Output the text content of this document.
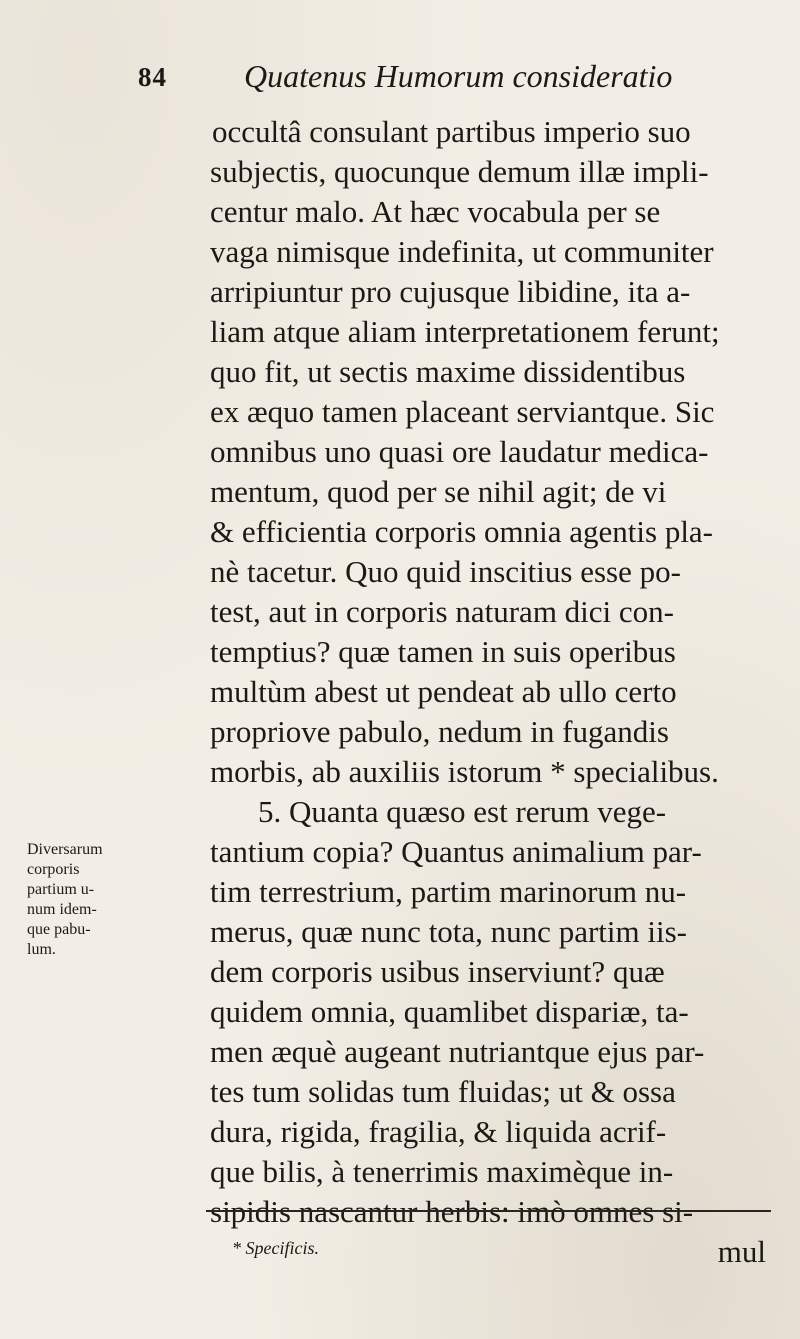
84 Quatenus Humorum consideratio
occultâ consulant partibus imperio suo
subjectis, quocunque demum illæ impli-
centur malo. At hæc vocabula per se
vaga nimisque indefinita, ut communiter
arripiuntur pro cujusque libidine, ita a-
liam atque aliam interpretationem ferunt;
quo fit, ut sectis maxime dissidentibus
ex æquo tamen placeant serviantque. Sic
omnibus uno quasi ore laudatur medica-
mentum, quod per se nihil agit; de vi
& efficientia corporis omnia agentis pla-
nè tacetur. Quo quid inscitius esse po-
test, aut in corporis naturam dici con-
temptius? quæ tamen in suis operibus
multùm abest ut pendeat ab ullo certo
propriove pabulo, nedum in fugandis
morbis, ab auxiliis istorum * specialibus.
5. Quanta quæso est rerum vege-
tantium copia? Quantus animalium par-
tim terrestrium, partim marinorum nu-
merus, quæ nunc tota, nunc partim iis-
dem corporis usibus inserviunt? quæ
quidem omnia, quamlibet dispariæ, ta-
men æquè augeant nutriantque ejus par-
tes tum solidas tum fluidas; ut & ossa
dura, rigida, fragilia, & liquida acrif-
que bilis, à tenerrimis maximèque in-
sipidis nascantur herbis: imò omnes si-
mul
Diversarum
corporis
partium u-
num idem-
que pabu-
lum.
* Specificis.
